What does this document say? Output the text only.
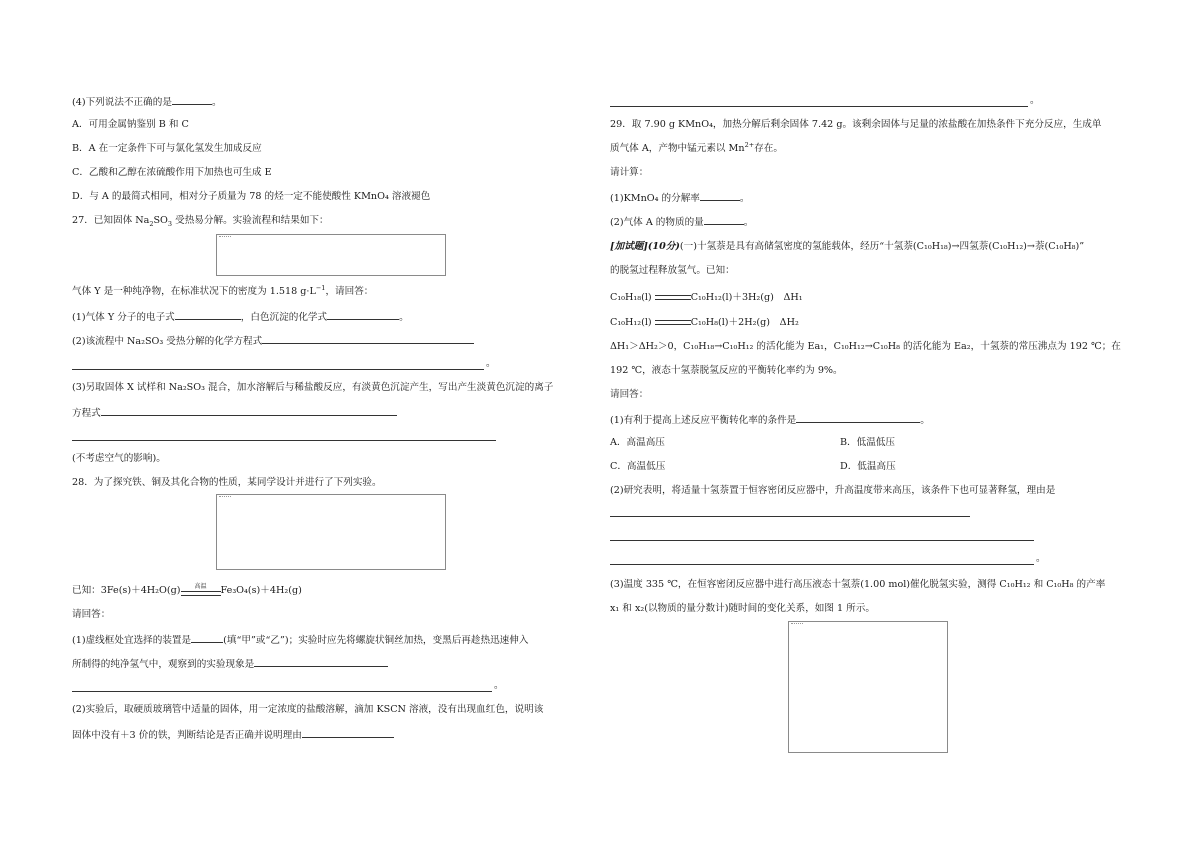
(4)下列说法不正确的是	。
A．可用金属钠鉴别 B 和 C
B．A 在一定条件下可与氯化氢发生加成反应
C．乙酸和乙醇在浓硫酸作用下加热也可生成 E
D．与 A 的最简式相同，相对分子质量为 78 的烃一定不能使酸性 KMnO₄ 溶液褪色
27．已知固体 $Na_2SO_3$ 受热易分解。实验流程和结果如下：
气体 Y 是一种纯净物，在标准状况下的密度为 1.518 $g\cdot L^{-1}$，请回答：
(1)气体 Y 分子的电子式	，白色沉淀的化学式	。
(2)该流程中 Na₂SO₃ 受热分解的化学方程式
。
(3)另取固体 X 试样和 Na₂SO₃ 混合，加水溶解后与稀盐酸反应，有淡黄色沉淀产生，写出产生淡黄色沉淀的离子
方程式
(不考虑空气的影响)。
28．为了探究铁、铜及其化合物的性质，某同学设计并进行了下列实验。
已知：3Fe(s)＋4H₂O(g)	高温	Fe₃O₄(s)＋4H₂(g)
请回答：
(1)虚线框处宜选择的装置是	(填“甲”或“乙”)；实验时应先将螺旋状铜丝加热，变黑后再趁热迅速伸入
所制得的纯净氢气中，观察到的实验现象是
。
(2)实验后，取硬质玻璃管中适量的固体，用一定浓度的盐酸溶解，滴加 KSCN 溶液，没有出现血红色，说明该
固体中没有＋3 价的铁，判断结论是否正确并说明理由
。
29．取 7.90 g KMnO₄，加热分解后剩余固体 7.42 g。该剩余固体与足量的浓盐酸在加热条件下充分反应，生成单
质气体 A，产物中锰元素以 $Mn^{2+}$存在。
请计算：
(1)KMnO₄ 的分解率	。
(2)气体 A 的物质的量	。
[加试题](10分)(一)十氢萘是具有高储氢密度的氢能载体，经历“十氢萘(C₁₀H₁₈)→四氢萘(C₁₀H₁₂)→萘(C₁₀H₈)”
的脱氢过程释放氢气。已知：
C₁₀H₁₈(l)	C₁₀H₁₂(l)＋3H₂(g)　ΔH₁
C₁₀H₁₂(l)	C₁₀H₈(l)＋2H₂(g)　ΔH₂
ΔH₁＞ΔH₂＞0，C₁₀H₁₈→C₁₀H₁₂ 的活化能为 Ea₁，C₁₀H₁₂→C₁₀H₈ 的活化能为 Ea₂，十氢萘的常压沸点为 192 ℃；在
192 ℃，液态十氢萘脱氢反应的平衡转化率约为 9%。
请回答：
(1)有利于提高上述反应平衡转化率的条件是	。
A．高温高压	B．低温低压
C．高温低压	D．低温高压
(2)研究表明，将适量十氢萘置于恒容密闭反应器中，升高温度带来高压，该条件下也可显著释氢，理由是
。
(3)温度 335 ℃，在恒容密闭反应器中进行高压液态十氢萘(1.00 mol)催化脱氢实验，测得 C₁₀H₁₂ 和 C₁₀H₈ 的产率
x₁ 和 x₂(以物质的量分数计)随时间的变化关系，如图 1 所示。
